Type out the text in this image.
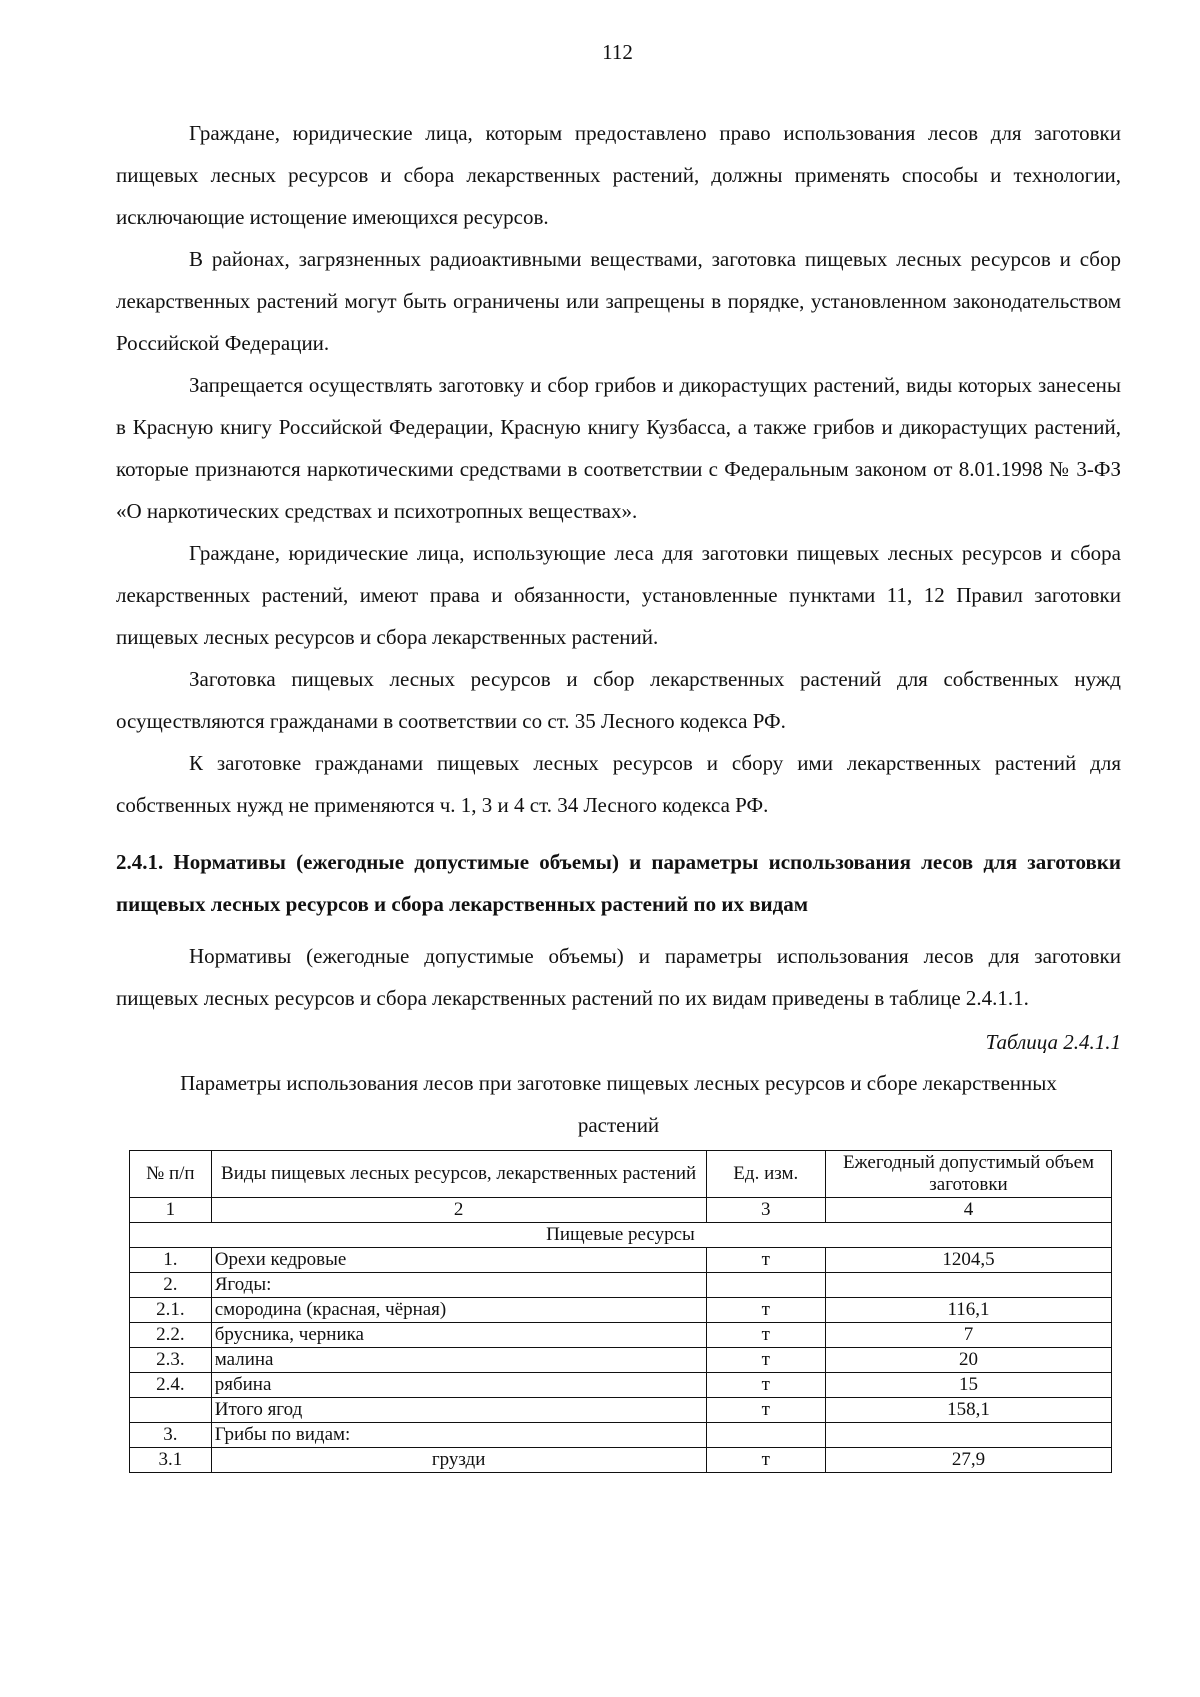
112

Граждане, юридические лица, которым предоставлено право использования лесов для заготовки пищевых лесных ресурсов и сбора лекарственных растений, должны применять способы и технологии, исключающие истощение имеющихся ресурсов.

В районах, загрязненных радиоактивными веществами, заготовка пищевых лесных ресурсов и сбор лекарственных растений могут быть ограничены или запрещены в порядке, установленном законодательством Российской Федерации.

Запрещается осуществлять заготовку и сбор грибов и дикорастущих растений, виды которых занесены в Красную книгу Российской Федерации, Красную книгу Кузбасса, а также грибов и дикорастущих растений, которые признаются наркотическими средствами в соответствии с Федеральным законом от 8.01.1998 № 3-ФЗ «О наркотических средствах и психотропных веществах».

Граждане, юридические лица, использующие леса для заготовки пищевых лесных ресурсов и сбора лекарственных растений, имеют права и обязанности, установленные пунктами 11, 12 Правил заготовки пищевых лесных ресурсов и сбора лекарственных растений.

Заготовка пищевых лесных ресурсов и сбор лекарственных растений для собственных нужд осуществляются гражданами в соответствии со ст. 35 Лесного кодекса РФ.

К заготовке гражданами пищевых лесных ресурсов и сбору ими лекарственных растений для собственных нужд не применяются ч. 1, 3 и 4 ст. 34 Лесного кодекса РФ.

2.4.1. Нормативы (ежегодные допустимые объемы) и параметры использования лесов для заготовки пищевых лесных ресурсов и сбора лекарственных растений по их видам

Нормативы (ежегодные допустимые объемы) и параметры использования лесов для заготовки пищевых лесных ресурсов и сбора лекарственных растений по их видам приведены в таблице 2.4.1.1.

Таблица 2.4.1.1

Параметры использования лесов при заготовке пищевых лесных ресурсов и сборе лекарственных растений

№ п/п	Виды пищевых лесных ресурсов, лекарственных растений	Ед. изм.	Ежегодный допустимый объем заготовки
1	2	3	4
Пищевые ресурсы			
1.	Орехи кедровые	т	1204,5
2.	Ягоды:		
2.1.	смородина (красная, чёрная)	т	116,1
2.2.	брусника, черника	т	7
2.3.	малина	т	20
2.4.	рябина	т	15
	Итого ягод	т	158,1
3.	Грибы по видам:		
3.1	грузди	т	27,9
